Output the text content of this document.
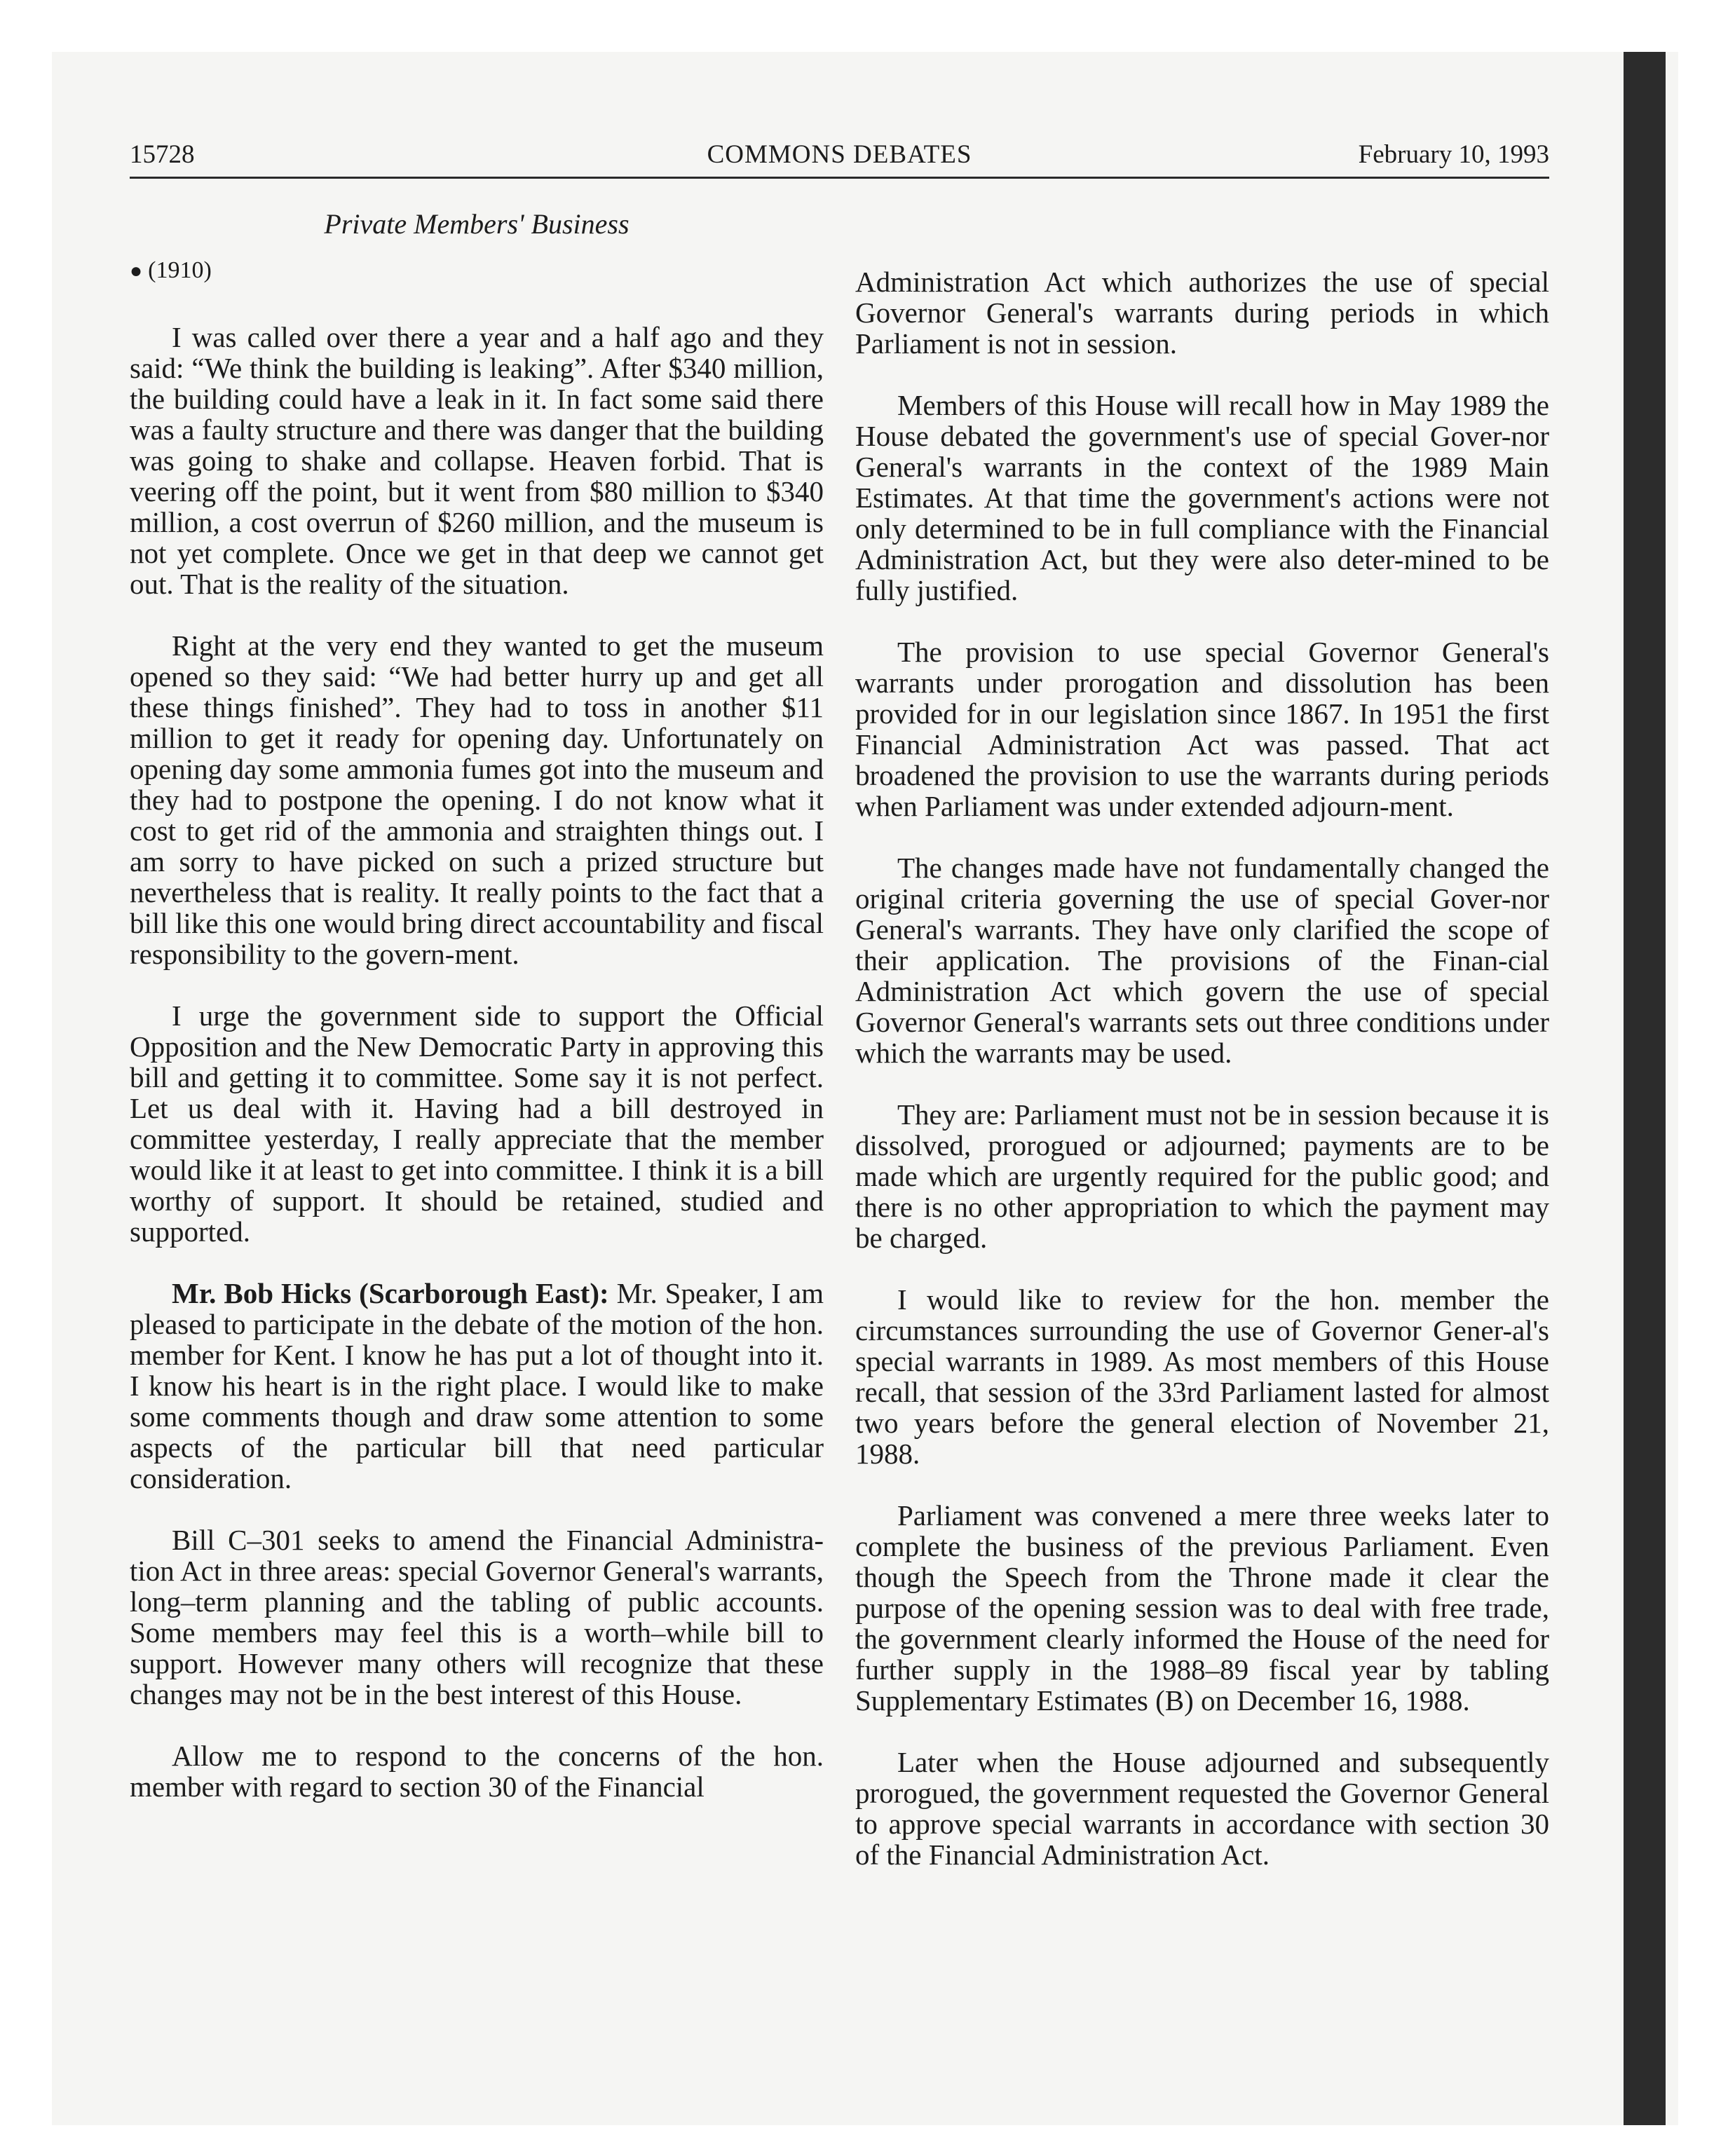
15728	COMMONS DEBATES	February 10, 1993
Private Members' Business
● (1910)

I was called over there a year and a half ago and they said: “We think the building is leaking”. After $340 million, the building could have a leak in it. In fact some said there was a faulty structure and there was danger that the building was going to shake and collapse. Heaven forbid. That is veering off the point, but it went from $80 million to $340 million, a cost overrun of $260 million, and the museum is not yet complete. Once we get in that deep we cannot get out. That is the reality of the situation.

Right at the very end they wanted to get the museum opened so they said: “We had better hurry up and get all these things finished”. They had to toss in another $11 million to get it ready for opening day. Unfortunately on opening day some ammonia fumes got into the museum and they had to postpone the opening. I do not know what it cost to get rid of the ammonia and straighten things out. I am sorry to have picked on such a prized structure but nevertheless that is reality. It really points to the fact that a bill like this one would bring direct accountability and fiscal responsibility to the govern-ment.

I urge the government side to support the Official Opposition and the New Democratic Party in approving this bill and getting it to committee. Some say it is not perfect. Let us deal with it. Having had a bill destroyed in committee yesterday, I really appreciate that the member would like it at least to get into committee. I think it is a bill worthy of support. It should be retained, studied and supported.

Mr. Bob Hicks (Scarborough East): Mr. Speaker, I am pleased to participate in the debate of the motion of the hon. member for Kent. I know he has put a lot of thought into it. I know his heart is in the right place. I would like to make some comments though and draw some attention to some aspects of the particular bill that need particular consideration.

Bill C–301 seeks to amend the Financial Administra-tion Act in three areas: special Governor General's warrants, long–term planning and the tabling of public accounts. Some members may feel this is a worth–while bill to support. However many others will recognize that these changes may not be in the best interest of this House.

Allow me to respond to the concerns of the hon. member with regard to section 30 of the Financial

Administration Act which authorizes the use of special Governor General's warrants during periods in which Parliament is not in session.

Members of this House will recall how in May 1989 the House debated the government's use of special Gover-nor General's warrants in the context of the 1989 Main Estimates. At that time the government's actions were not only determined to be in full compliance with the Financial Administration Act, but they were also deter-mined to be fully justified.

The provision to use special Governor General's warrants under prorogation and dissolution has been provided for in our legislation since 1867. In 1951 the first Financial Administration Act was passed. That act broadened the provision to use the warrants during periods when Parliament was under extended adjourn-ment.

The changes made have not fundamentally changed the original criteria governing the use of special Gover-nor General's warrants. They have only clarified the scope of their application. The provisions of the Finan-cial Administration Act which govern the use of special Governor General's warrants sets out three conditions under which the warrants may be used.

They are: Parliament must not be in session because it is dissolved, prorogued or adjourned; payments are to be made which are urgently required for the public good; and there is no other appropriation to which the payment may be charged.

I would like to review for the hon. member the circumstances surrounding the use of Governor Gener-al's special warrants in 1989. As most members of this House recall, that session of the 33rd Parliament lasted for almost two years before the general election of November 21, 1988.

Parliament was convened a mere three weeks later to complete the business of the previous Parliament. Even though the Speech from the Throne made it clear the purpose of the opening session was to deal with free trade, the government clearly informed the House of the need for further supply in the 1988–89 fiscal year by tabling Supplementary Estimates (B) on December 16, 1988.

Later when the House adjourned and subsequently prorogued, the government requested the Governor General to approve special warrants in accordance with section 30 of the Financial Administration Act.
